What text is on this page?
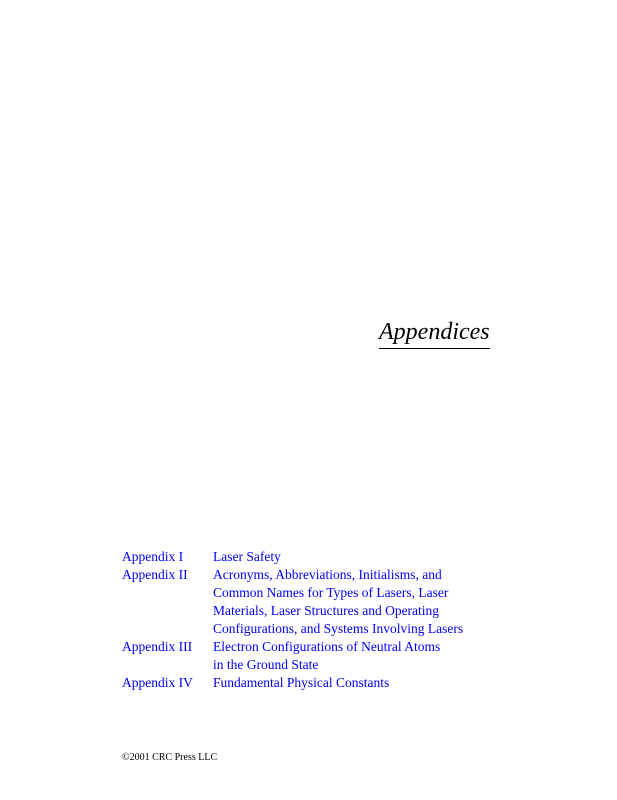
Appendices
Appendix I	Laser Safety
Appendix II	Acronyms, Abbreviations, Initialisms, and
Common Names for Types of Lasers, Laser
Materials, Laser Structures and Operating
Configurations, and Systems Involving Lasers
Appendix III	Electron Configurations of Neutral Atoms
in the Ground State
Appendix IV	Fundamental Physical Constants
©2001 CRC Press LLC
